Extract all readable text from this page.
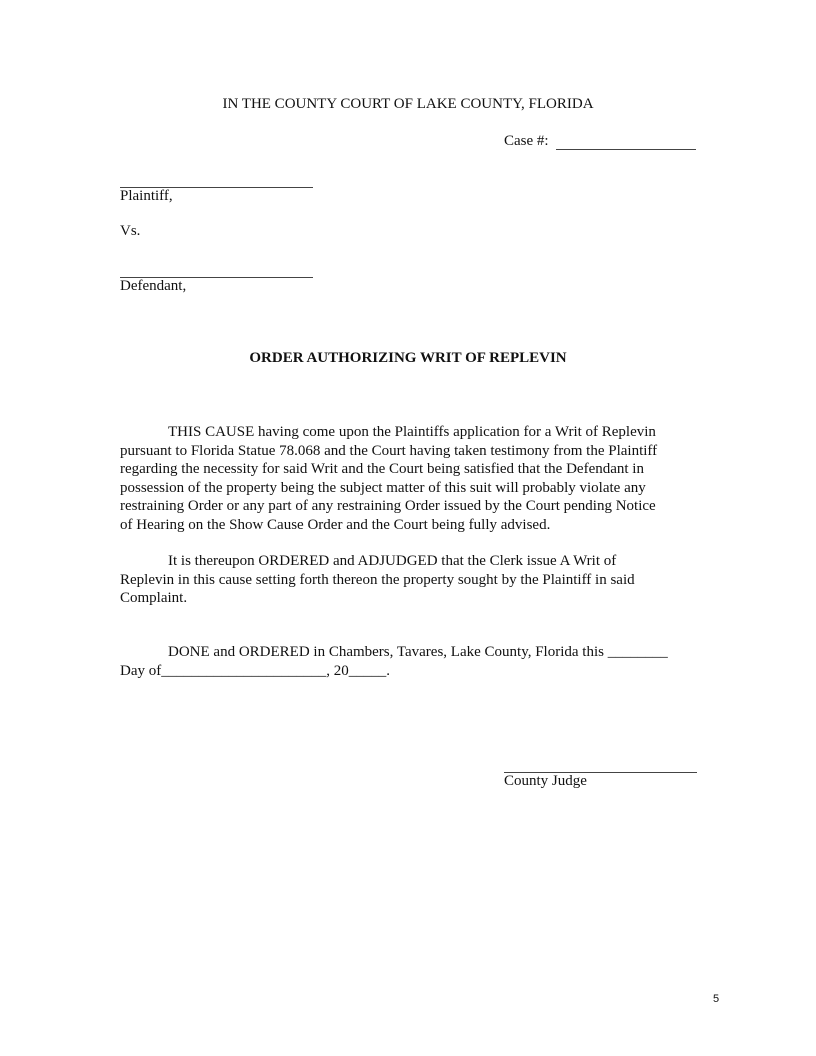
IN THE COUNTY COURT OF LAKE COUNTY, FLORIDA
Case #:
Plaintiff,
Vs.
Defendant,
ORDER AUTHORIZING WRIT OF REPLEVIN
THIS CAUSE having come upon the Plaintiffs application for a Writ of Replevin
pursuant to Florida Statue 78.068 and the Court having taken testimony from the Plaintiff
regarding the necessity for said Writ and the Court being satisfied that the Defendant in
possession of the property being the subject matter of this suit will probably violate any
restraining Order or any part of any restraining Order issued by the Court pending Notice
of Hearing on the Show Cause Order and the Court being fully advised.
It is thereupon ORDERED and ADJUDGED that the Clerk issue A Writ of
Replevin in this cause setting forth thereon the property sought by the Plaintiff in said
Complaint.
DONE and ORDERED in Chambers, Tavares, Lake County, Florida this ________
Day of______________________, 20_____.
County Judge
5
